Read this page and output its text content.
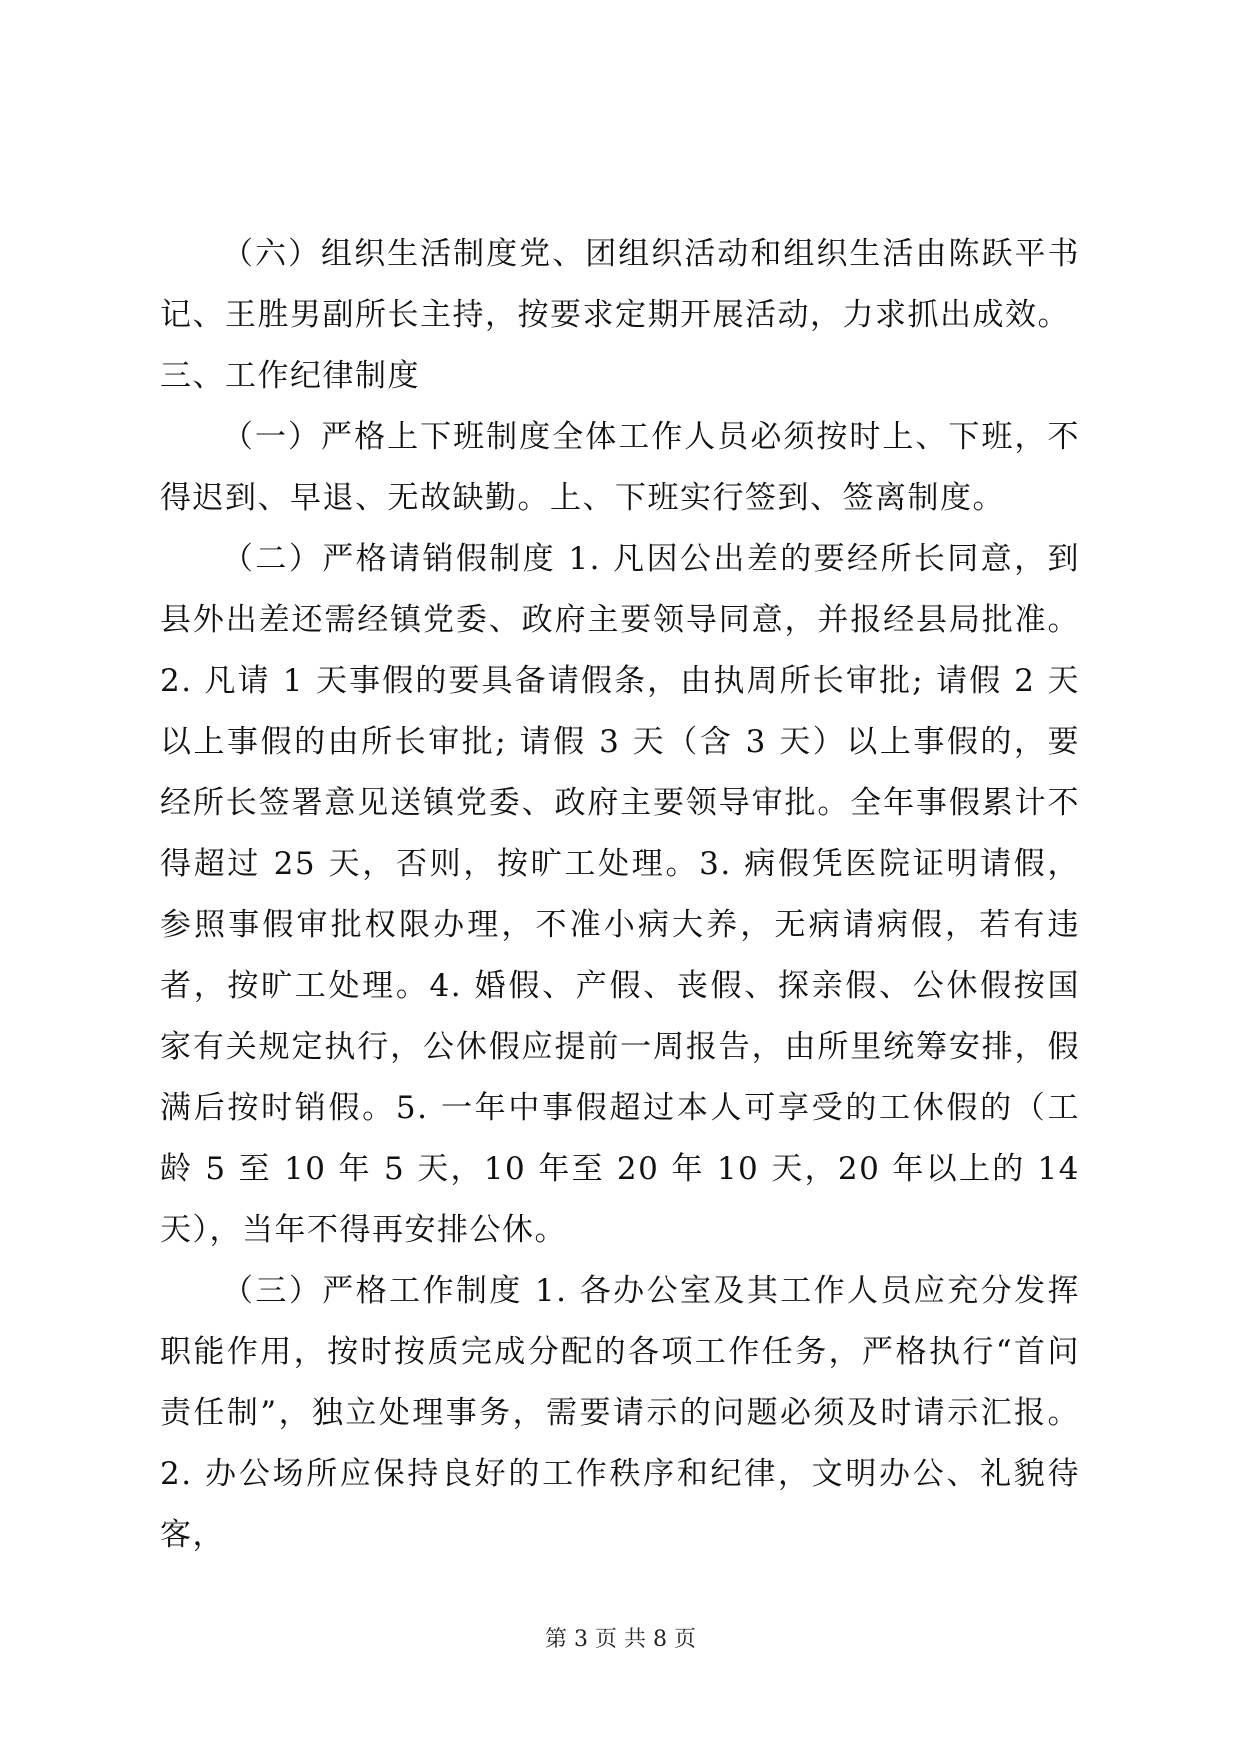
（六）组织生活制度党、团组织活动和组织生活由陈跃平书记、王胜男副所长主持，按要求定期开展活动，力求抓出成效。

三、工作纪律制度

（一）严格上下班制度全体工作人员必须按时上、下班，不得迟到、早退、无故缺勤。上、下班实行签到、签离制度。

（二）严格请销假制度 1. 凡因公出差的要经所长同意，到县外出差还需经镇党委、政府主要领导同意，并报经县局批准。2. 凡请 1 天事假的要具备请假条，由执周所长审批; 请假 2 天以上事假的由所长审批; 请假 3 天（含 3 天）以上事假的，要经所长签署意见送镇党委、政府主要领导审批。全年事假累计不得超过 25 天，否则，按旷工处理。3. 病假凭医院证明请假，参照事假审批权限办理，不准小病大养，无病请病假，若有违者，按旷工处理。4. 婚假、产假、丧假、探亲假、公休假按国家有关规定执行，公休假应提前一周报告，由所里统筹安排，假满后按时销假。5. 一年中事假超过本人可享受的工休假的（工龄 5 至 10 年 5 天，10 年至 20 年 10 天，20 年以上的 14 天），当年不得再安排公休。

（三）严格工作制度 1. 各办公室及其工作人员应充分发挥职能作用，按时按质完成分配的各项工作任务，严格执行“首问责任制”，独立处理事务，需要请示的问题必须及时请示汇报。2. 办公场所应保持良好的工作秩序和纪律，文明办公、礼貌待客，

第 3 页 共 8 页
